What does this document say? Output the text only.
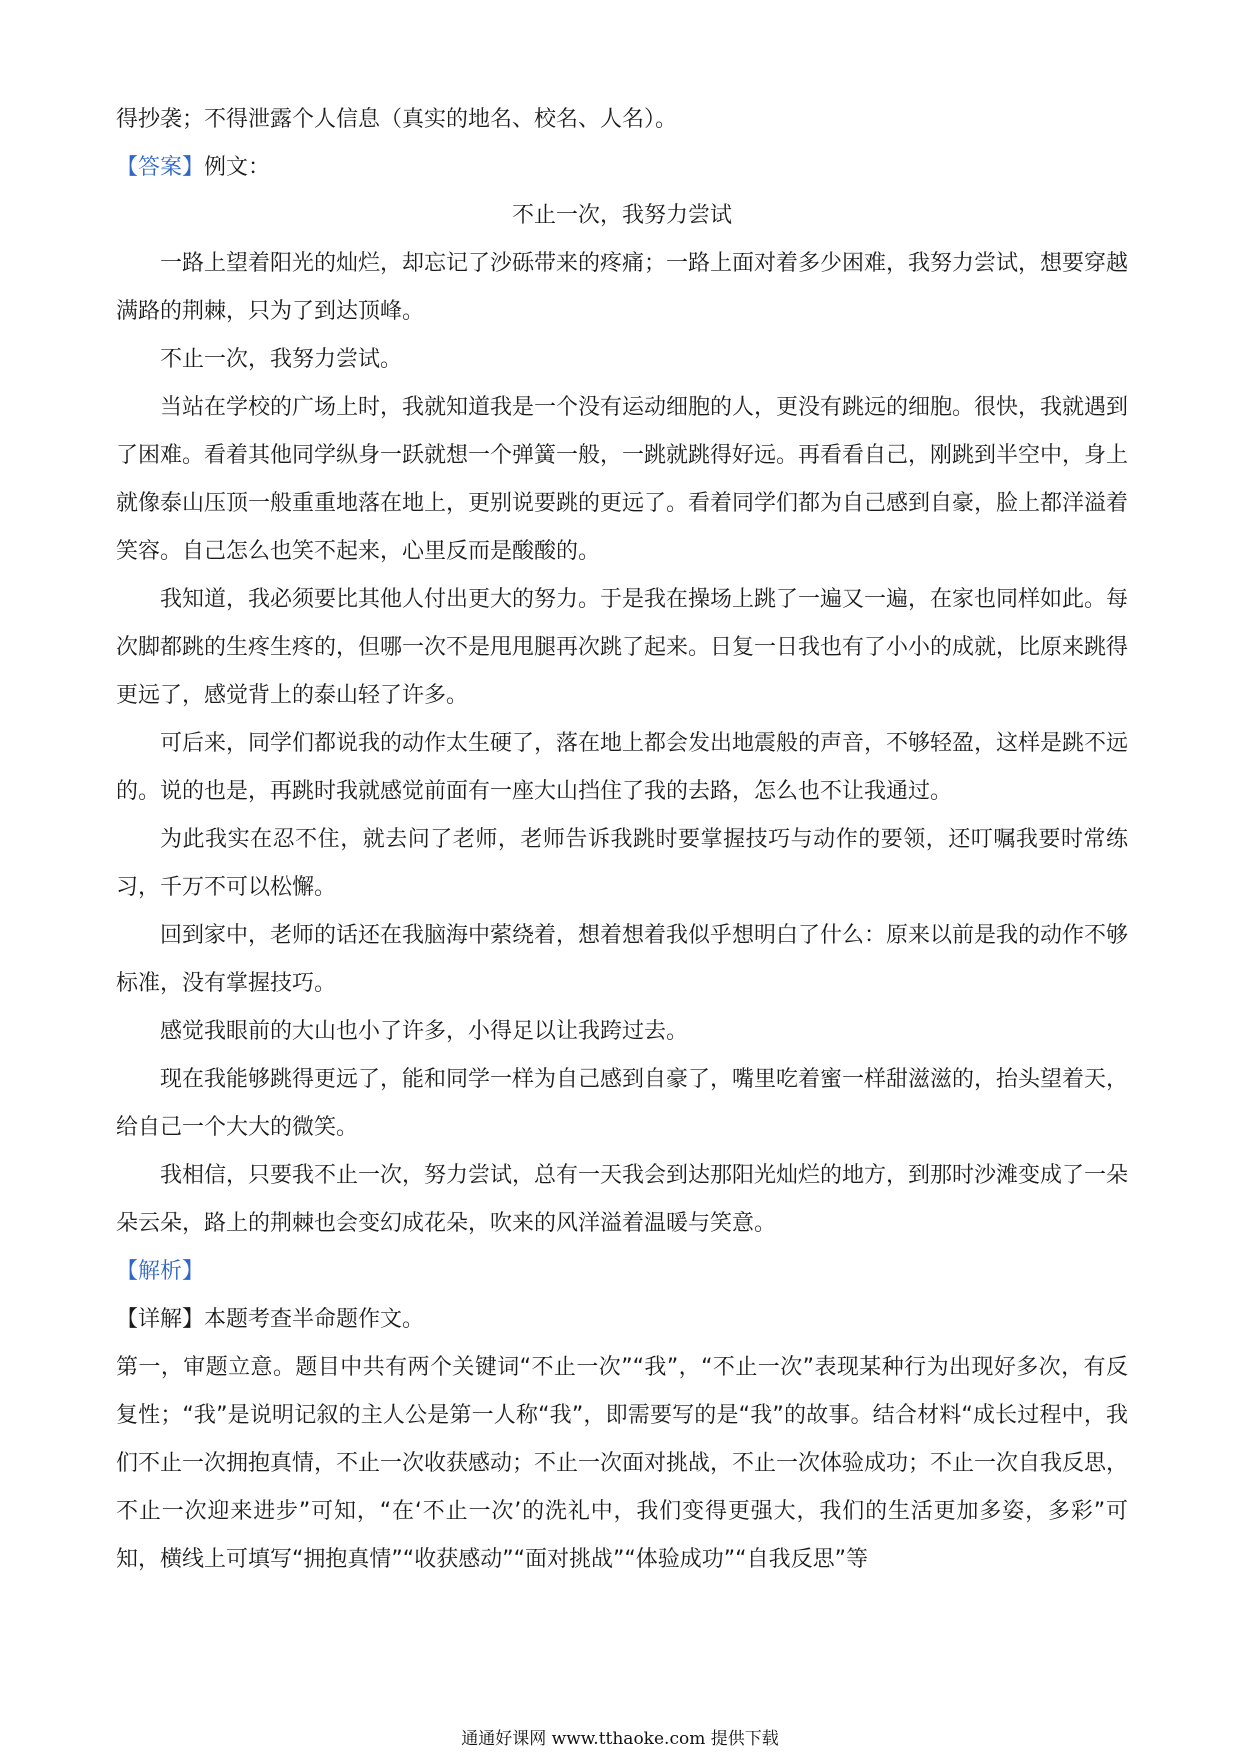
得抄袭；不得泄露个人信息（真实的地名、校名、人名）。

【答案】例文：

不止一次，我努力尝试

一路上望着阳光的灿烂，却忘记了沙砾带来的疼痛；一路上面对着多少困难，我努力尝试，想要穿越满路的荆棘，只为了到达顶峰。

不止一次，我努力尝试。

当站在学校的广场上时，我就知道我是一个没有运动细胞的人，更没有跳远的细胞。很快，我就遇到了困难。看着其他同学纵身一跃就想一个弹簧一般，一跳就跳得好远。再看看自己，刚跳到半空中，身上就像泰山压顶一般重重地落在地上，更别说要跳的更远了。看着同学们都为自己感到自豪，脸上都洋溢着笑容。自己怎么也笑不起来，心里反而是酸酸的。

我知道，我必须要比其他人付出更大的努力。于是我在操场上跳了一遍又一遍，在家也同样如此。每次脚都跳的生疼生疼的，但哪一次不是甩甩腿再次跳了起来。日复一日我也有了小小的成就，比原来跳得更远了，感觉背上的泰山轻了许多。

可后来，同学们都说我的动作太生硬了，落在地上都会发出地震般的声音，不够轻盈，这样是跳不远的。说的也是，再跳时我就感觉前面有一座大山挡住了我的去路，怎么也不让我通过。

为此我实在忍不住，就去问了老师，老师告诉我跳时要掌握技巧与动作的要领，还叮嘱我要时常练习，千万不可以松懈。

回到家中，老师的话还在我脑海中萦绕着，想着想着我似乎想明白了什么：原来以前是我的动作不够标准，没有掌握技巧。

感觉我眼前的大山也小了许多，小得足以让我跨过去。

现在我能够跳得更远了，能和同学一样为自己感到自豪了，嘴里吃着蜜一样甜滋滋的，抬头望着天，给自己一个大大的微笑。

我相信，只要我不止一次，努力尝试，总有一天我会到达那阳光灿烂的地方，到那时沙滩变成了一朵朵云朵，路上的荆棘也会变幻成花朵，吹来的风洋溢着温暖与笑意。

【解析】

【详解】本题考查半命题作文。

第一，审题立意。题目中共有两个关键词“不止一次”“我”，“不止一次”表现某种行为出现好多次，有反复性；“我”是说明记叙的主人公是第一人称“我”，即需要写的是“我”的故事。结合材料“成长过程中，我们不止一次拥抱真情，不止一次收获感动；不止一次面对挑战，不止一次体验成功；不止一次自我反思，不止一次迎来进步”可知，“在‘不止一次’的洗礼中，我们变得更强大，我们的生活更加多姿，多彩”可知，横线上可填写“拥抱真情”“收获感动”“面对挑战”“体验成功”“自我反思”等

通通好课网 www.tthaoke.com 提供下载
